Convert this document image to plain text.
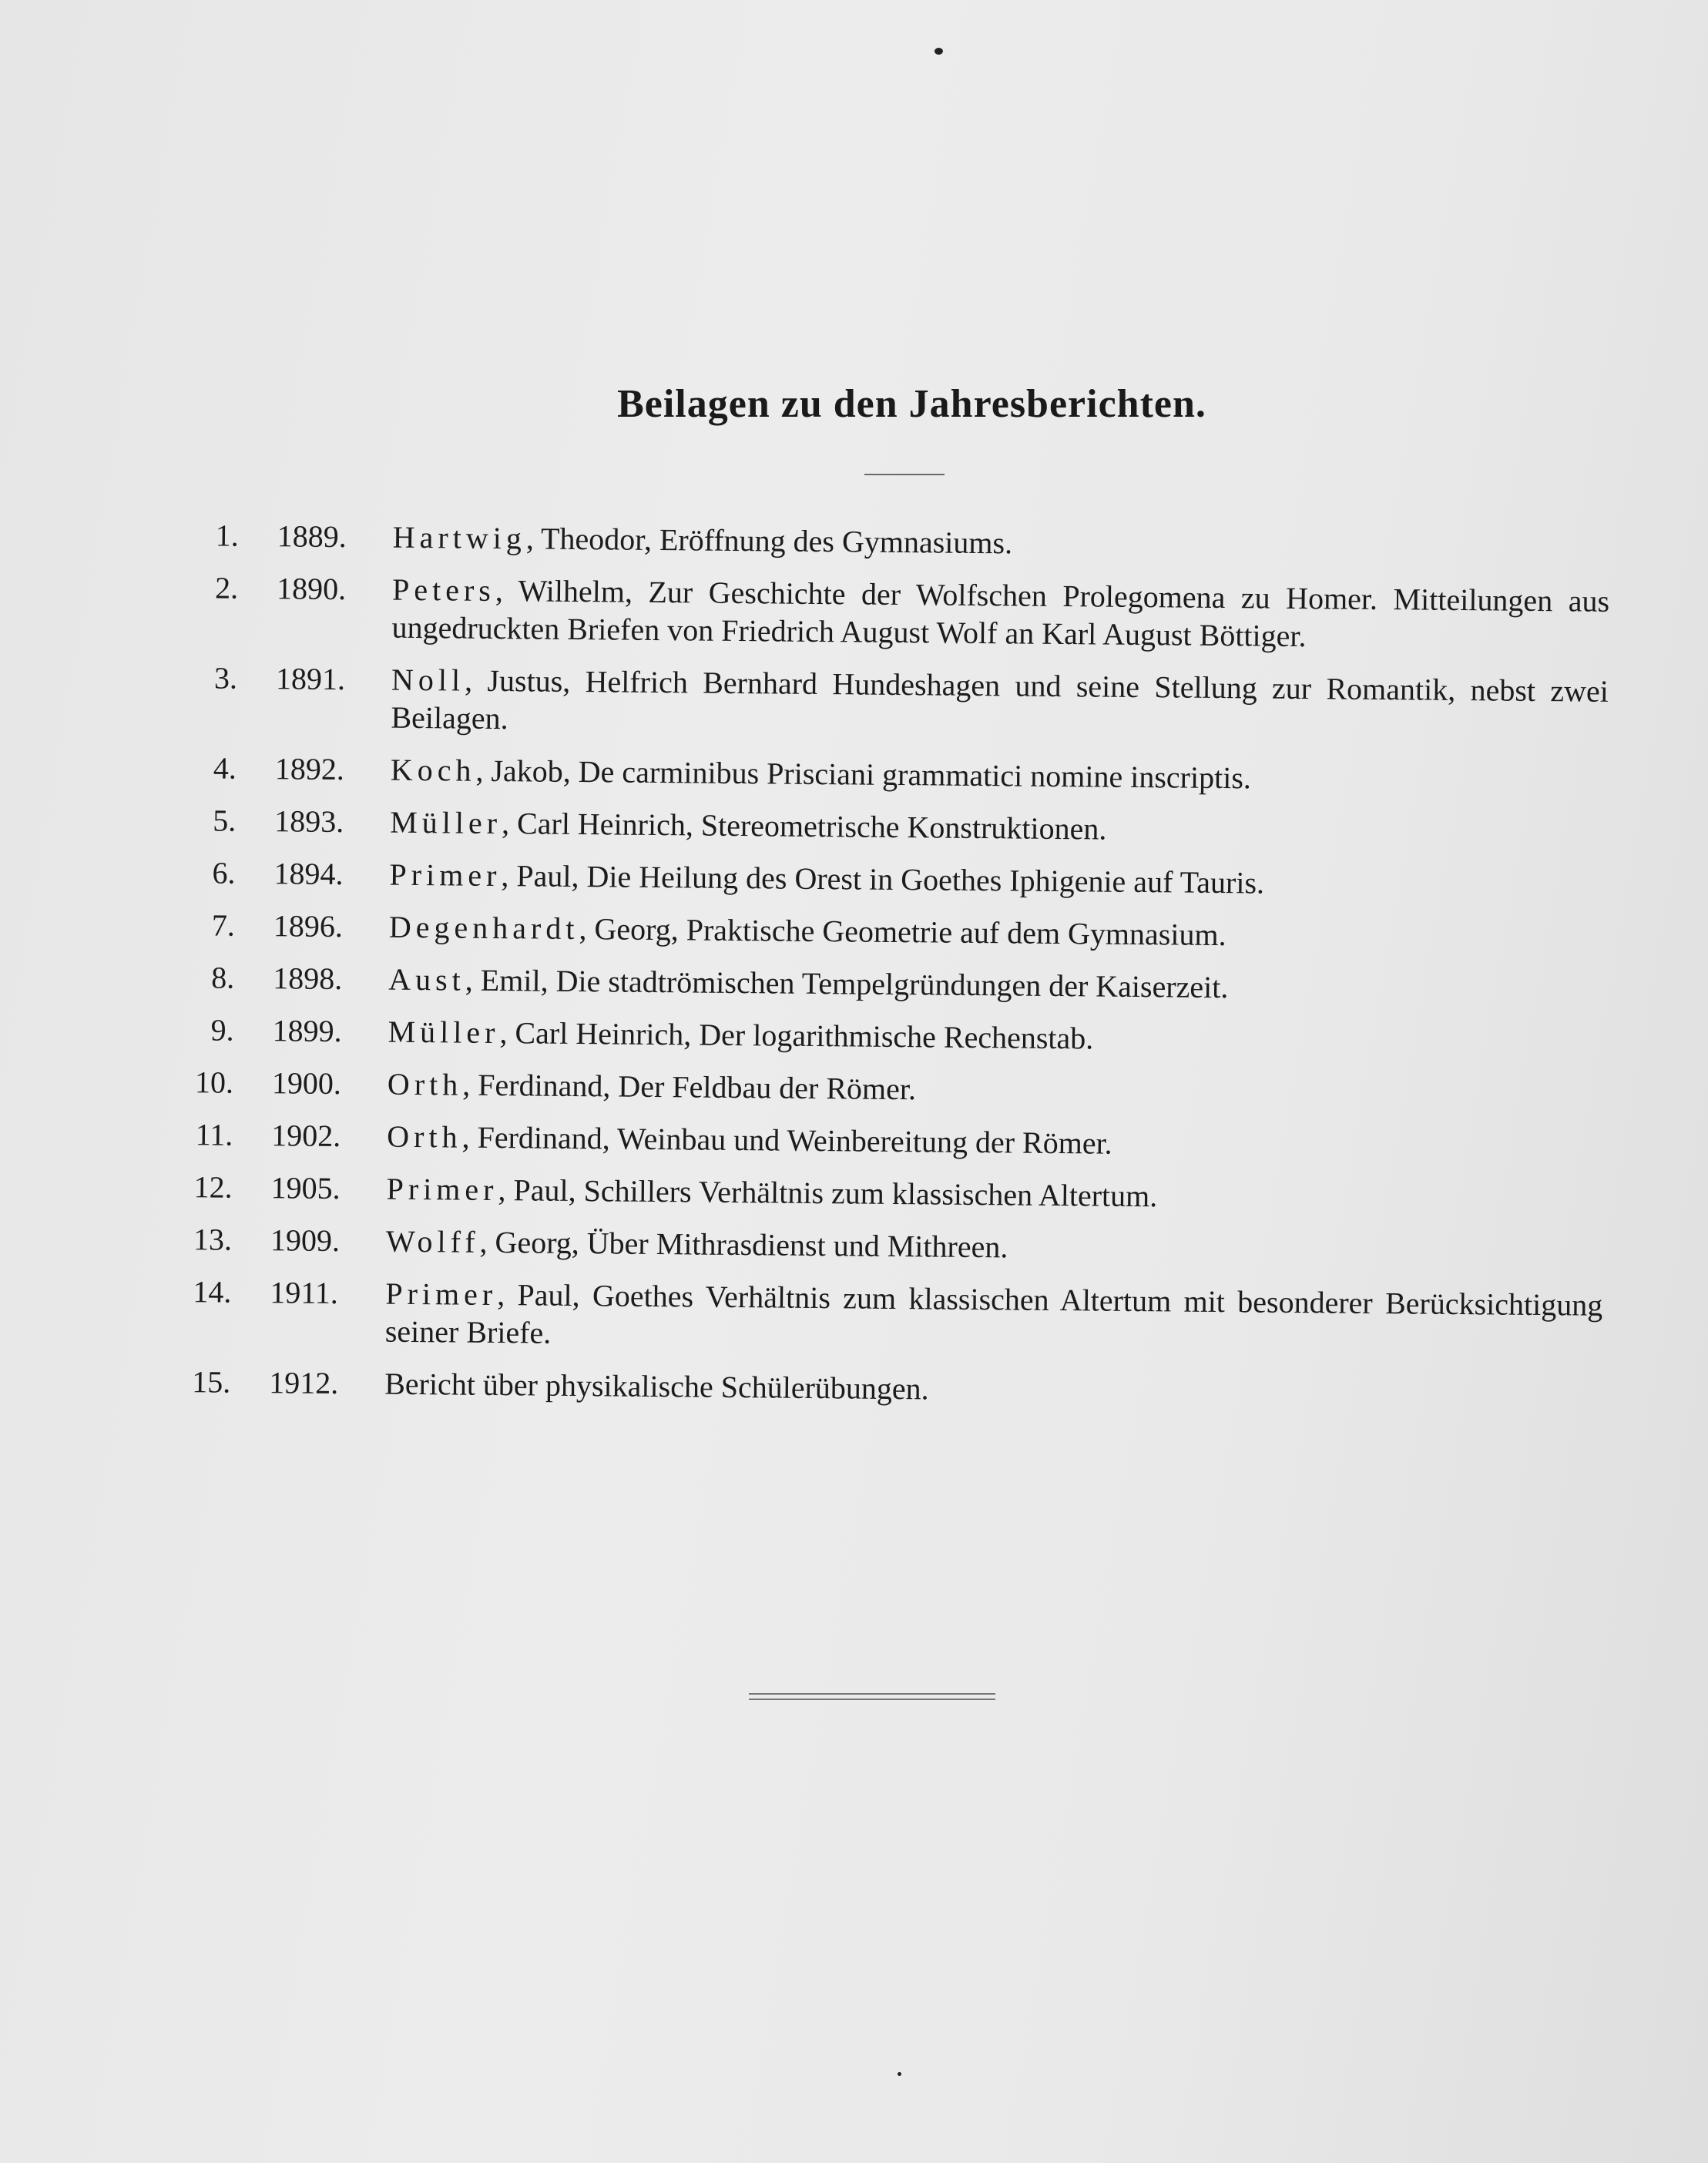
Beilagen zu den Jahresberichten.
1. 1889.	Hartwig, Theodor, Eröffnung des Gymnasiums.
2. 1890.	Peters, Wilhelm, Zur Geschichte der Wolfschen Prolegomena zu Homer. Mitteilungen aus ungedruckten Briefen von Friedrich August Wolf an Karl August Böttiger.
3. 1891.	Noll, Justus, Helfrich Bernhard Hundeshagen und seine Stellung zur Romantik, nebst zwei Beilagen.
4. 1892.	Koch, Jakob, De carminibus Prisciani grammatici nomine inscriptis.
5. 1893.	Müller, Carl Heinrich, Stereometrische Konstruktionen.
6. 1894.	Primer, Paul, Die Heilung des Orest in Goethes Iphigenie auf Tauris.
7. 1896.	Degenhardt, Georg, Praktische Geometrie auf dem Gymnasium.
8. 1898.	Aust, Emil, Die stadtrömischen Tempelgründungen der Kaiserzeit.
9. 1899.	Müller, Carl Heinrich, Der logarithmische Rechenstab.
10. 1900.	Orth, Ferdinand, Der Feldbau der Römer.
11. 1902.	Orth, Ferdinand, Weinbau und Weinbereitung der Römer.
12. 1905.	Primer, Paul, Schillers Verhältnis zum klassischen Altertum.
13. 1909.	Wolff, Georg, Über Mithrasdienst und Mithreen.
14. 1911.	Primer, Paul, Goethes Verhältnis zum klassischen Altertum mit besonderer Berücksichtigung seiner Briefe.
15. 1912.	Bericht über physikalische Schülerübungen.
